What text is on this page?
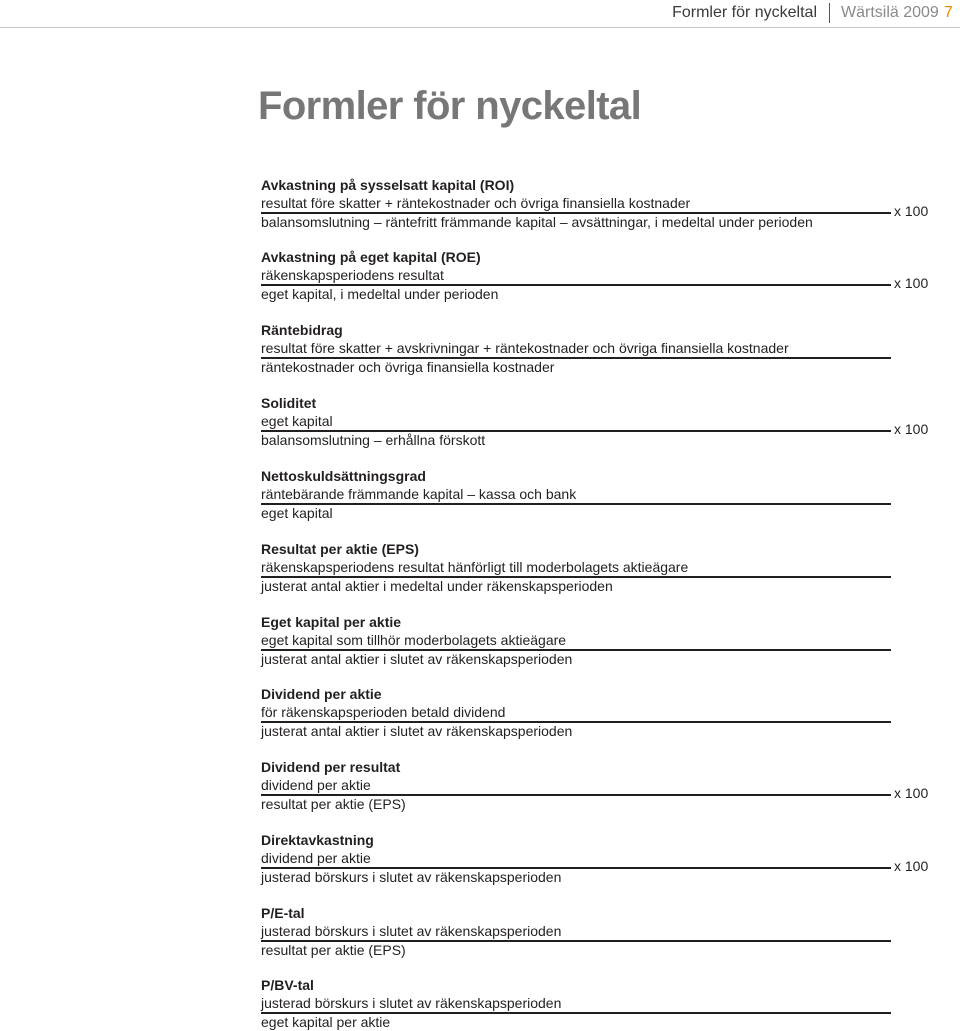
Formler för nyckeltal Wärtsilä 2009 7
Formler för nyckeltal
Avkastning på sysselsatt kapital (ROI)
resultat före skatter + räntekostnader och övriga finansiella kostnader
balansomslutning – räntefritt främmande kapital – avsättningar, i medeltal under perioden
x 100
Avkastning på eget kapital (ROE)
räkenskapsperiodens resultat
eget kapital, i medeltal under perioden
x 100
Räntebidrag
resultat före skatter + avskrivningar + räntekostnader och övriga finansiella kostnader
räntekostnader och övriga finansiella kostnader
Soliditet
eget kapital
balansomslutning – erhållna förskott
x 100
Nettoskuldsättningsgrad
räntebärande främmande kapital – kassa och bank
eget kapital
Resultat per aktie (EPS)
räkenskapsperiodens resultat hänförligt till moderbolagets aktieägare
justerat antal aktier i medeltal under räkenskapsperioden
Eget kapital per aktie
eget kapital som tillhör moderbolagets aktieägare
justerat antal aktier i slutet av räkenskapsperioden
Dividend per aktie
för räkenskapsperioden betald dividend
justerat antal aktier i slutet av räkenskapsperioden
Dividend per resultat
dividend per aktie
resultat per aktie (EPS)
x 100
Direktavkastning
dividend per aktie
justerad börskurs i slutet av räkenskapsperioden
x 100
P/E-tal
justerad börskurs i slutet av räkenskapsperioden
resultat per aktie (EPS)
P/BV-tal
justerad börskurs i slutet av räkenskapsperioden
eget kapital per aktie
